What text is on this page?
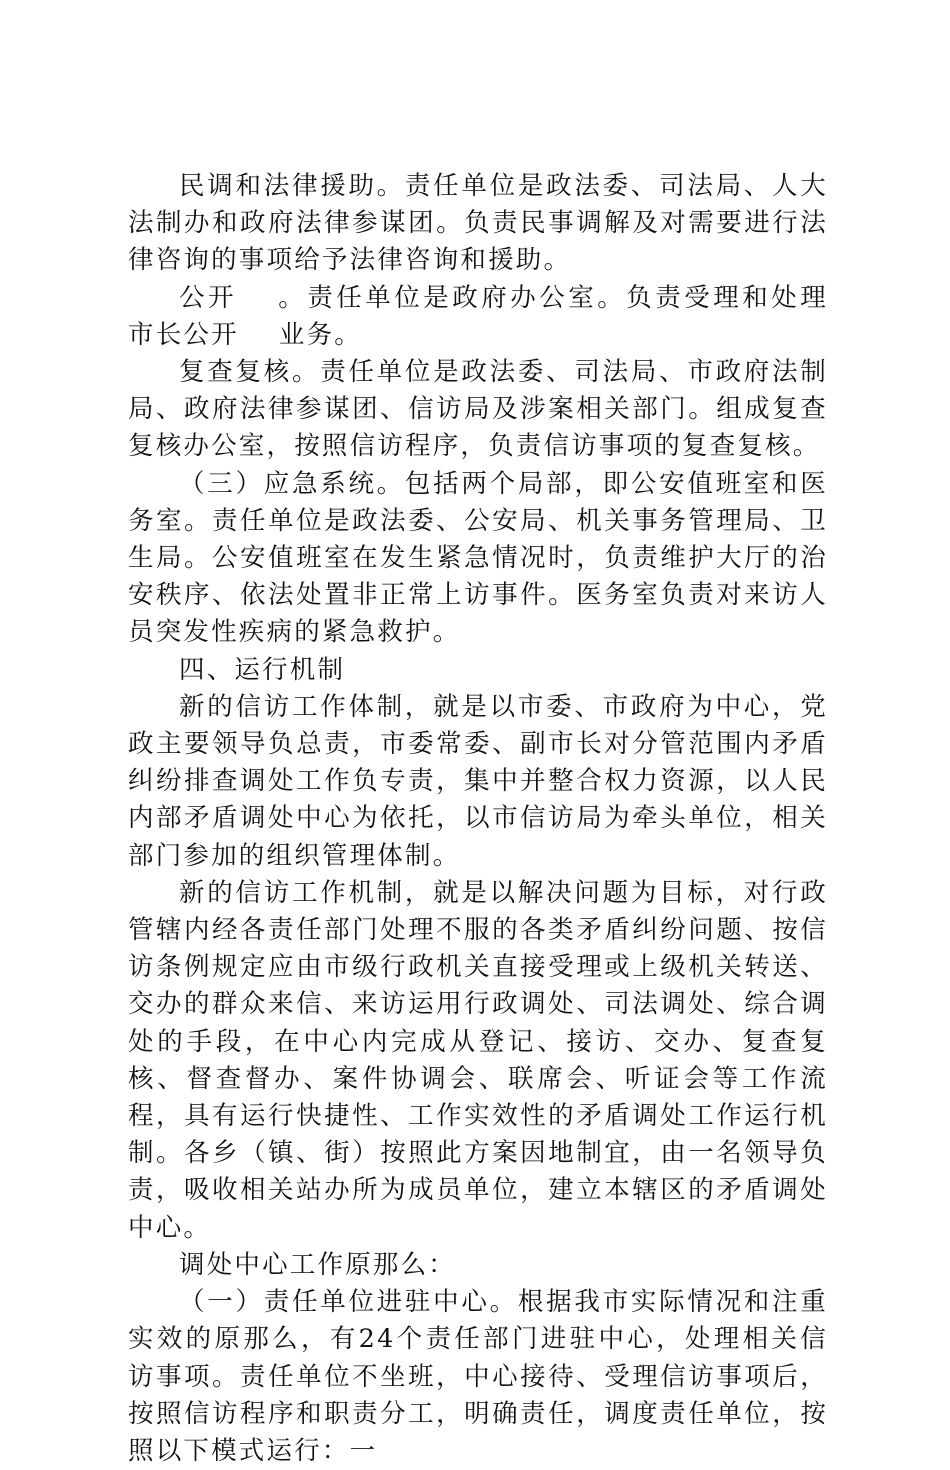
民调和法律援助。责任单位是政法委、司法局、人大法制办和政府法律参谋团。负责民事调解及对需要进行法律咨询的事项给予法律咨询和援助。

公开 。责任单位是政府办公室。负责受理和处理市长公开 业务。

复查复核。责任单位是政法委、司法局、市政府法制局、政府法律参谋团、信访局及涉案相关部门。组成复查复核办公室，按照信访程序，负责信访事项的复查复核。

（三）应急系统。包括两个局部，即公安值班室和医务室。责任单位是政法委、公安局、机关事务管理局、卫生局。公安值班室在发生紧急情况时，负责维护大厅的治安秩序、依法处置非正常上访事件。医务室负责对来访人员突发性疾病的紧急救护。

四、运行机制

新的信访工作体制，就是以市委、市政府为中心，党政主要领导负总责，市委常委、副市长对分管范围内矛盾纠纷排查调处工作负专责，集中并整合权力资源，以人民内部矛盾调处中心为依托，以市信访局为牵头单位，相关部门参加的组织管理体制。

新的信访工作机制，就是以解决问题为目标，对行政管辖内经各责任部门处理不服的各类矛盾纠纷问题、按信访条例规定应由市级行政机关直接受理或上级机关转送、交办的群众来信、来访运用行政调处、司法调处、综合调处的手段，在中心内完成从登记、接访、交办、复查复核、督查督办、案件协调会、联席会、听证会等工作流程，具有运行快捷性、工作实效性的矛盾调处工作运行机制。各乡（镇、街）按照此方案因地制宜，由一名领导负责，吸收相关站办所为成员单位，建立本辖区的矛盾调处中心。

调处中心工作原那么：

（一）责任单位进驻中心。根据我市实际情况和注重实效的原那么，有24个责任部门进驻中心，处理相关信访事项。责任单位不坐班，中心接待、受理信访事项后，按照信访程序和职责分工，明确责任，调度责任单位，按照以下模式运行：一
